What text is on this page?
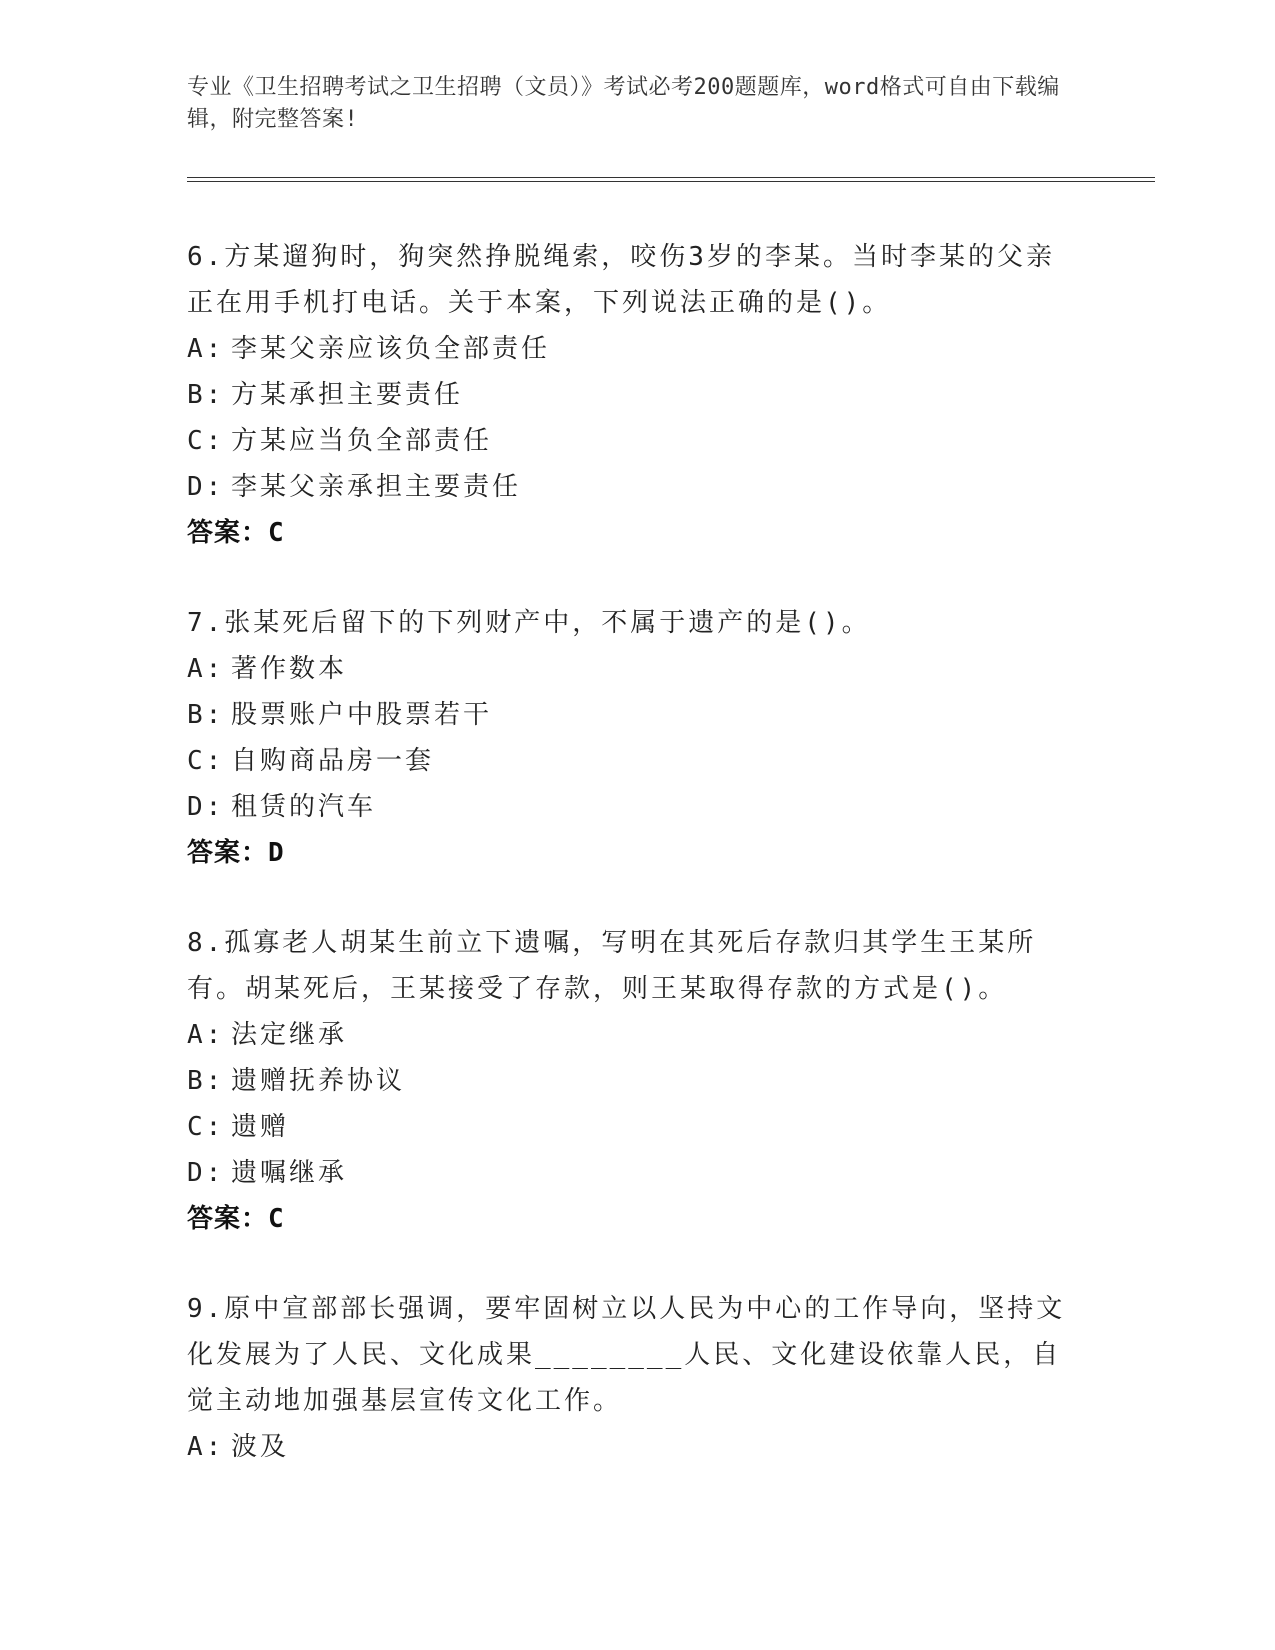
专业《卫生招聘考试之卫生招聘（文员）》考试必考200题题库，word格式可自由下载编辑，附完整答案!

6.方某遛狗时，狗突然挣脱绳索，咬伤3岁的李某。当时李某的父亲正在用手机打电话。关于本案，下列说法正确的是()。

A: 李某父亲应该负全部责任

B: 方某承担主要责任

C: 方某应当负全部责任

D: 李某父亲承担主要责任

答案：C

7.张某死后留下的下列财产中，不属于遗产的是()。

A: 著作数本

B: 股票账户中股票若干

C: 自购商品房一套

D: 租赁的汽车

答案：D

8.孤寡老人胡某生前立下遗嘱，写明在其死后存款归其学生王某所有。胡某死后，王某接受了存款，则王某取得存款的方式是()。

A: 法定继承

B: 遗赠抚养协议

C: 遗赠

D: 遗嘱继承

答案：C

9.原中宣部部长强调，要牢固树立以人民为中心的工作导向，坚持文化发展为了人民、文化成果________人民、文化建设依靠人民，自觉主动地加强基层宣传文化工作。

A: 波及
